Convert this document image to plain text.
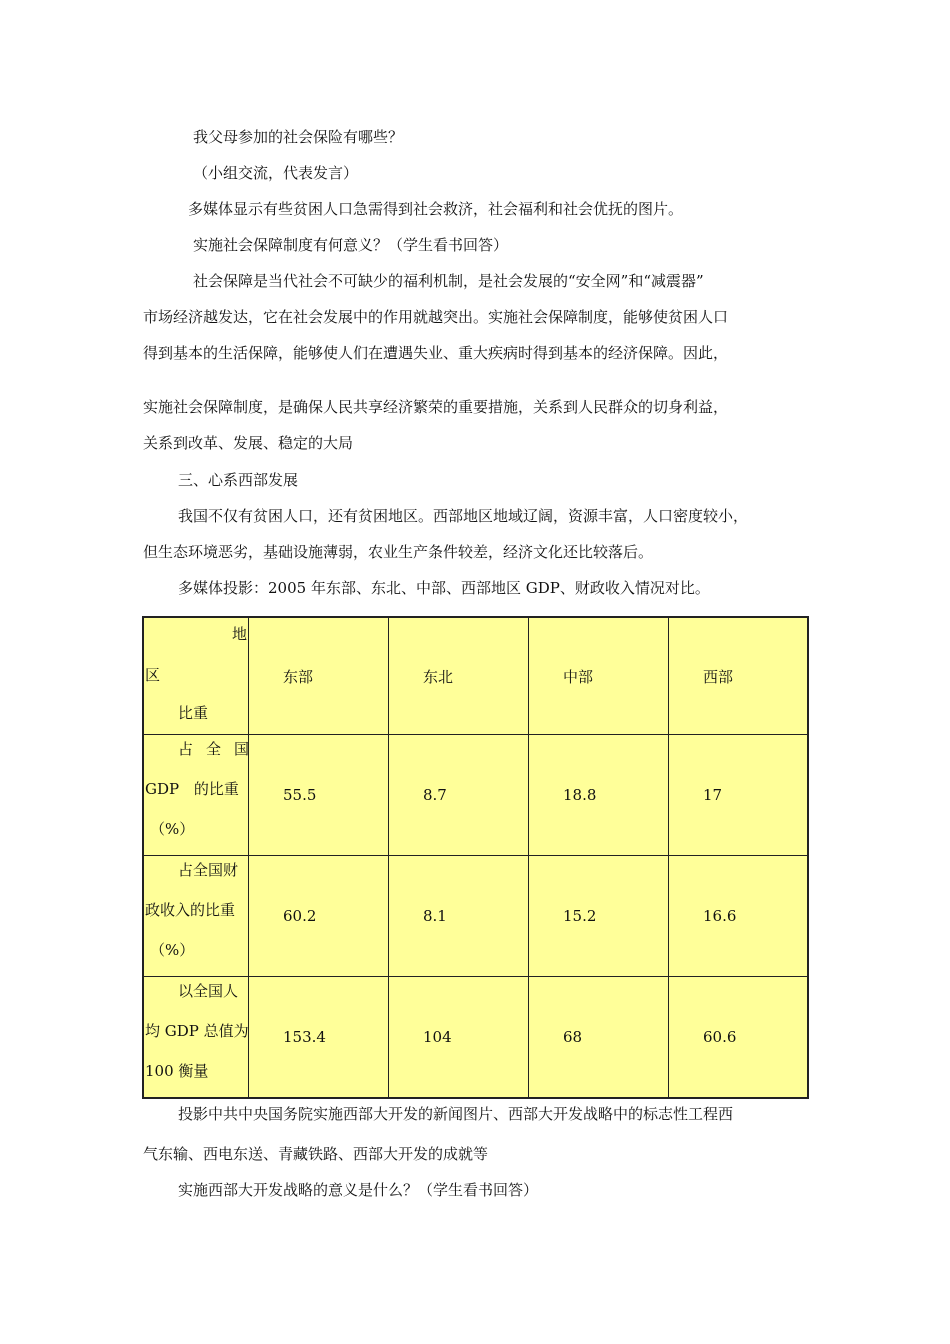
我父母参加的社会保险有哪些？
（小组交流，代表发言）
多媒体显示有些贫困人口急需得到社会救济，社会福利和社会优抚的图片。
实施社会保障制度有何意义？（学生看书回答）
社会保障是当代社会不可缺少的福利机制，是社会发展的“安全网”和“减震器”
市场经济越发达，它在社会发展中的作用就越突出。实施社会保障制度，能够使贫困人口
得到基本的生活保障，能够使人们在遭遇失业、重大疾病时得到基本的经济保障。因此，
实施社会保障制度，是确保人民共享经济繁荣的重要措施，关系到人民群众的切身利益，
关系到改革、发展、稳定的大局
三、心系西部发展
我国不仅有贫困人口，还有贫困地区。西部地区地域辽阔，资源丰富，人口密度较小，
但生态环境恶劣，基础设施薄弱，农业生产条件较差，经济文化还比较落后。
多媒体投影：2005 年东部、东北、中部、西部地区 GDP、财政收入情况对比。
地
区
比重	东部	东北	中部	西部

占全国
GDP 的比重
（%）	55.5	8.7	18.8	17

占全国财
政收入的比重
（%）	60.2	8.1	15.2	16.6

以全国人
均 GDP 总值为
100 衡量	153.4	104	68	60.6
投影中共中央国务院实施西部大开发的新闻图片、西部大开发战略中的标志性工程西
气东输、西电东送、青藏铁路、西部大开发的成就等
实施西部大开发战略的意义是什么？（学生看书回答）
